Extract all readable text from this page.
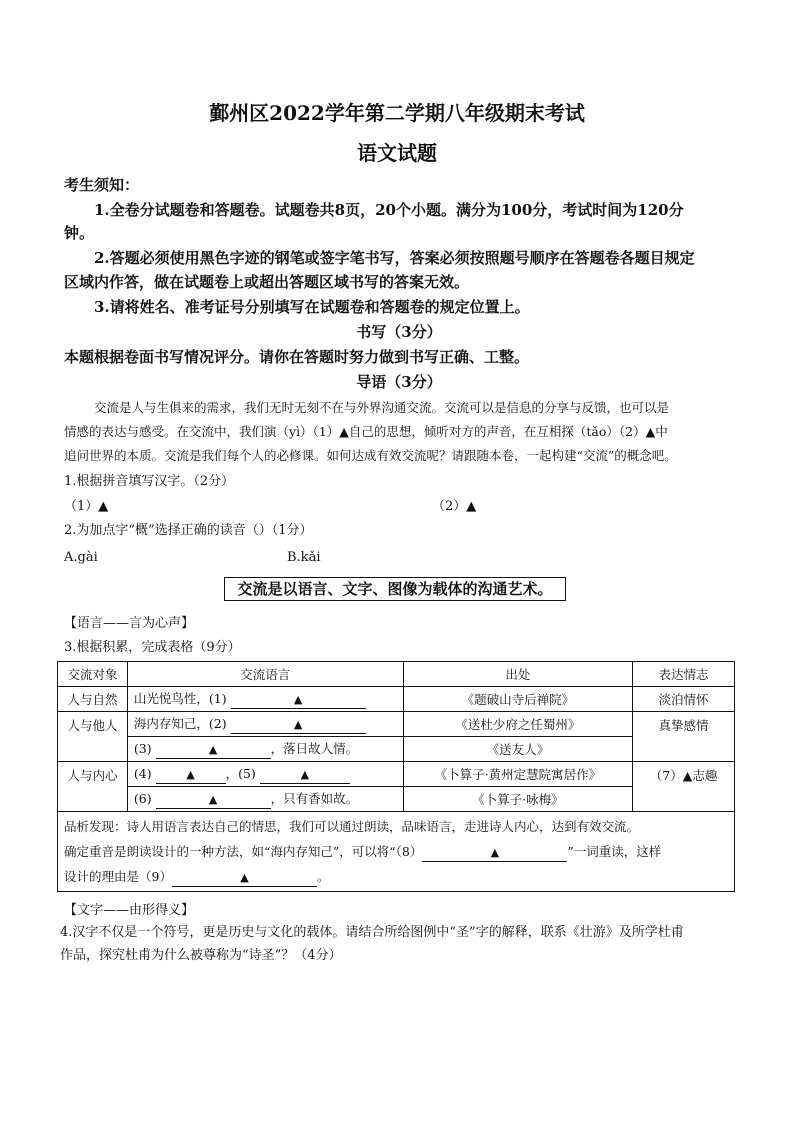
鄞州区2022学年第二学期八年级期末考试
语文试题
考生须知：
1.全卷分试题卷和答题卷。试题卷共8页，20个小题。满分为100分，考试时间为120分
钟。
2.答题必须使用黑色字迹的钢笔或签字笔书写，答案必须按照题号顺序在答题卷各题目规定
区域内作答，做在试题卷上或超出答题区域书写的答案无效。
3.请将姓名、准考证号分别填写在试题卷和答题卷的规定位置上。
书写（3分）
本题根据卷面书写情况评分。请你在答题时努力做到书写正确、工整。
导语（3分）
交流是人与生俱来的需求，我们无时无刻不在与外界沟通交流。交流可以是信息的分享与反馈，也可以是
情感的表达与感受。在交流中，我们演（yì）（1）▲自己的思想，倾听对方的声音，在互相探（tǎo）（2）▲中
追问世界的本质。交流是我们每个人的必修课。如何达成有效交流呢？请跟随本卷，一起构建“交流”的概念吧。
1.根据拼音填写汉字。（2分）
（1）▲	（2）▲
2.为加点字“概”选择正确的读音（）（1分）
A.gài	B.kǎi
交流是以语言、文字、图像为载体的沟通艺术。
【语言——言为心声】
3.根据积累，完成表格（9分）
交流对象	交流语言	出处	表达情志
人与自然	山光悦鸟性，(1) ▲	《题破山寺后禅院》	淡泊情怀
人与他人	海内存知己，(2) ▲	《送杜少府之任蜀州》	真挚感情
	(3) ▲ ，落日故人情。	《送友人》	
人与内心	(4) ▲ ，(5) ▲	《卜算子·黄州定慧院寓居作》	（7）▲志趣
	(6) ▲ ，只有香如故。	《卜算子·咏梅》	

品析发现：诗人用语言表达自己的情思，我们可以通过朗读，品味语言，走进诗人内心，达到有效交流。
确定重音是朗读设计的一种方法，如“海内存知己”，可以将“（8） ▲ ”一词重读，这样
设计的理由是（9） ▲ 。			
【文字——由形得义】
4.汉字不仅是一个符号，更是历史与文化的载体。请结合所给图例中“圣”字的解释，联系《壮游》及所学杜甫
作品，探究杜甫为什么被尊称为“诗圣”？（4分）
